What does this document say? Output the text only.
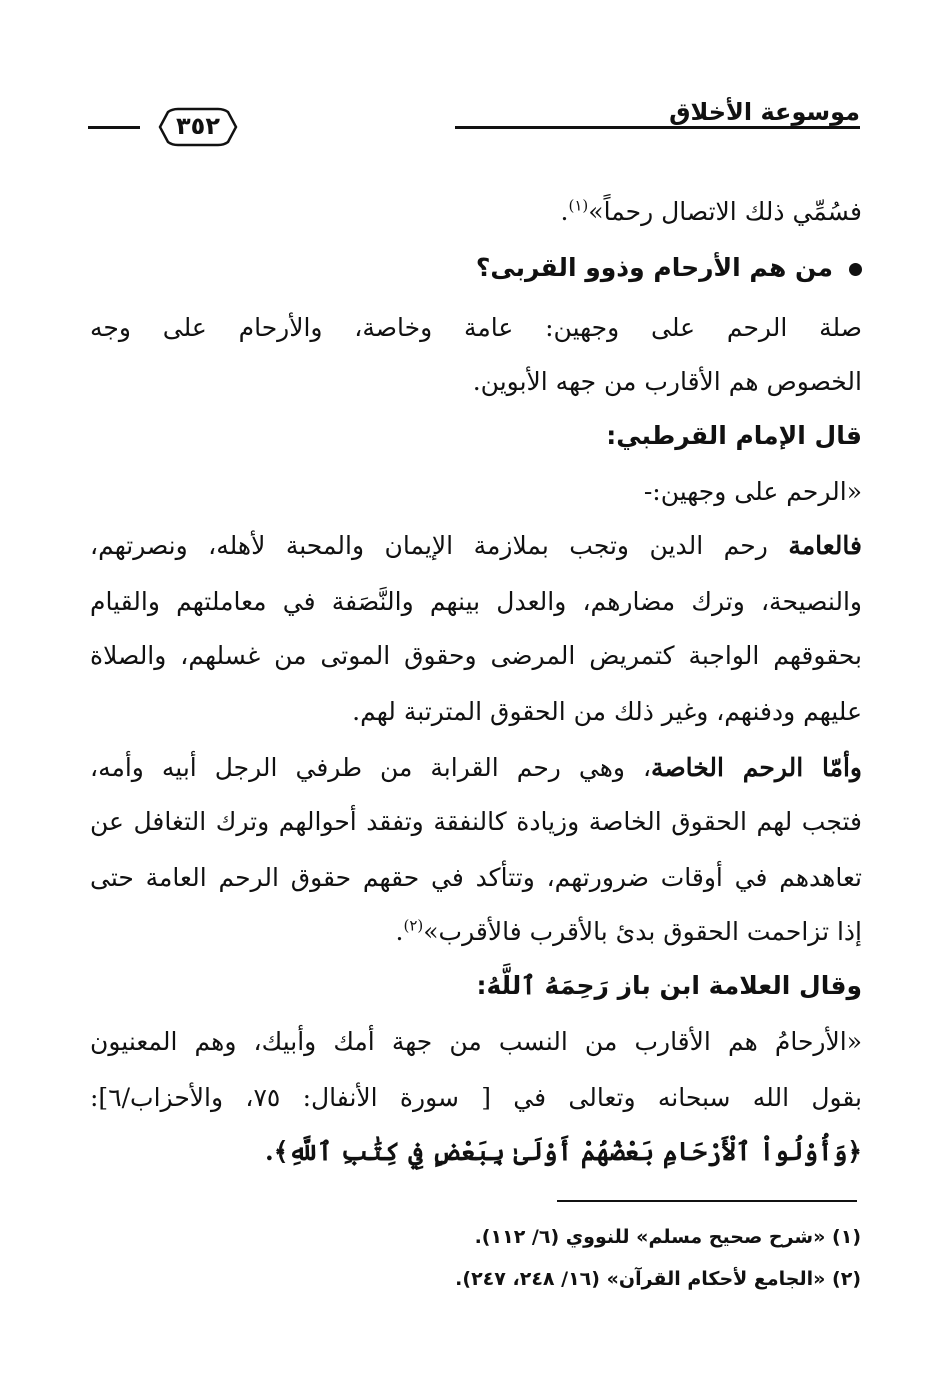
موسوعة الأخلاق
٣٥٢
فسُمِّي ذلك الاتصال رحماً»$^{(١)}$.
من هم الأرحام وذوو القربى؟
صلة الرحم على وجهين: عامة وخاصة، والأرحام على وجه
الخصوص هم الأقارب من جهه الأبوين.
قال الإمام القرطبي:
«الرحم على وجهين:-
فالعامة رحم الدين وتجب بملازمة الإيمان والمحبة لأهله، ونصرتهم،
والنصيحة، وترك مضارهم، والعدل بينهم والنَّصَفة في معاملتهم والقيام
بحقوقهم الواجبة كتمريض المرضى وحقوق الموتى من غسلهم، والصلاة
عليهم ودفنهم، وغير ذلك من الحقوق المترتبة لهم.
وأمّا الرحم الخاصة، وهي رحم القرابة من طرفي الرجل أبيه وأمه،
فتجب لهم الحقوق الخاصة وزيادة كالنفقة وتفقد أحوالهم وترك التغافل عن
تعاهدهم في أوقات ضرورتهم، وتتأكد في حقهم حقوق الرحم العامة حتى
إذا تزاحمت الحقوق بدئ بالأقرب فالأقرب»$^{(٢)}$.
وقال العلامة ابن باز رَحِمَهُ ٱللَّهُ:
«الأرحامُ هم الأقارب من النسب من جهة أمك وأبيك، وهم المعنيون
بقول الله سبحانه وتعالى في [ سورة الأنفال: ٧٥، والأحزاب/٦]:
﴿وَأُوْلُواْ ٱلْأَرْحَامِ بَعْضُهُمْ أَوْلَىٰ بِبَعْضٍ فِي كِتَٰبِ ٱللَّهِ﴾.
(١) «شرح صحيح مسلم» للنووي (٦/ ١١٢).
(٢) «الجامع لأحكام القرآن» (١٦/ ٢٤٨، ٢٤٧).
